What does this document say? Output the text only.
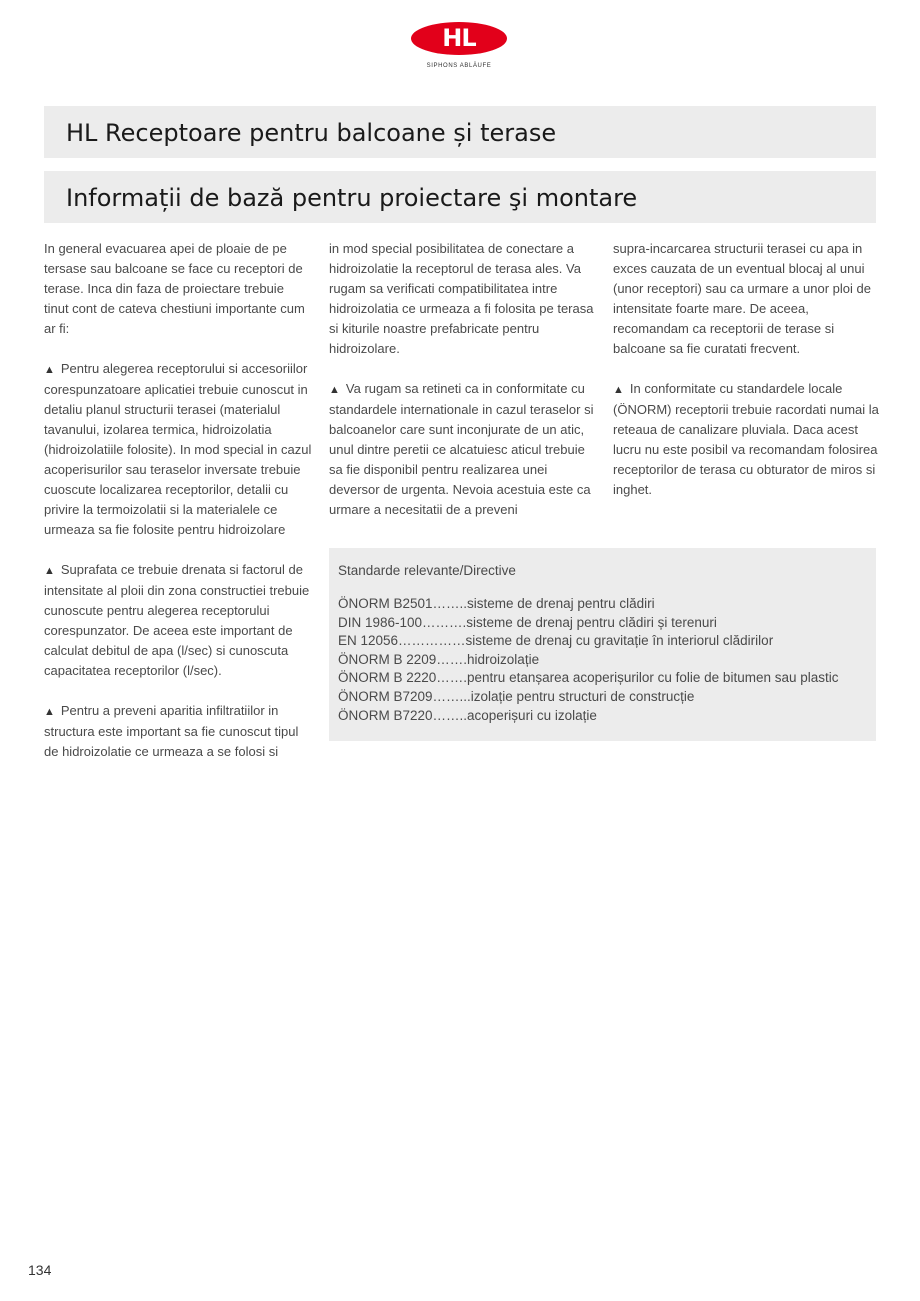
HL
SIPHONS ABLÄUFE
HL Receptoare pentru balcoane și terase
Informații de bază pentru proiectare şi montare

In general evacuarea apei de ploaie de pe tersase sau balcoane se face cu receptori de terase. Inca din faza de proiectare trebuie tinut cont de cateva chestiuni importante cum ar fi:

▲ Pentru alegerea receptorului si accesoriilor corespunzatoare aplicatiei trebuie cunoscut in detaliu planul structurii terasei (materialul tavanului, izolarea termica, hidroizolatia (hidroizolatiile folosite). In mod special in cazul acoperisurilor sau teraselor inversate trebuie cuoscute localizarea receptorilor, detalii cu privire la termoizolatii si la materialele ce urmeaza sa fie folosite pentru hidroizolare

▲ Suprafata ce trebuie drenata si factorul de intensitate al ploii din zona constructiei trebuie cunoscute pentru alegerea receptorului corespunzator. De aceea este important de calculat debitul de apa (l/sec) si cunoscuta capacitatea receptorilor (l/sec).

▲ Pentru a preveni aparitia infiltratiilor in structura este important sa fie cunoscut tipul de hidroizolatie ce urmeaza a se folosi si

in mod special posibilitatea de conectare a hidroizolatie la receptorul de terasa ales. Va rugam sa verificati compatibilitatea intre hidroizolatia ce urmeaza a fi folosita pe terasa si kiturile noastre prefabricate pentru hidroizolare.

▲ Va rugam sa retineti ca in conformitate cu standardele internationale in cazul teraselor si balcoanelor care sunt inconjurate de un atic, unul dintre peretii ce alcatuiesc aticul trebuie sa fie disponibil pentru realizarea unei deversor de urgenta. Nevoia acestuia este ca urmare a necesitatii de a preveni

supra-incarcarea structurii terasei cu apa in exces cauzata de un eventual blocaj al unui (unor receptori) sau ca urmare a unor ploi de intensitate foarte mare. De aceea, recomandam ca receptorii de terase si balcoane sa fie curatati frecvent.

▲ In conformitate cu standardele locale (ÖNORM) receptorii trebuie racordati numai la reteaua de canalizare pluviala. Daca acest lucru nu este posibil va recomandam folosirea receptorilor de terasa cu obturator de miros si inghet.

Standarde relevante/Directive
ÖNORM B2501……..sisteme de drenaj pentru clădiri
DIN 1986-100……….sisteme de drenaj pentru clădiri și terenuri
EN 12056……………sisteme de drenaj cu gravitație în interiorul clădirilor
ÖNORM B 2209…….hidroizolație
ÖNORM B 2220…….pentru etanșarea acoperișurilor cu folie de bitumen sau plastic
ÖNORM B7209……...izolație pentru structuri de construcție
ÖNORM B7220……..acoperișuri cu izolație
134
